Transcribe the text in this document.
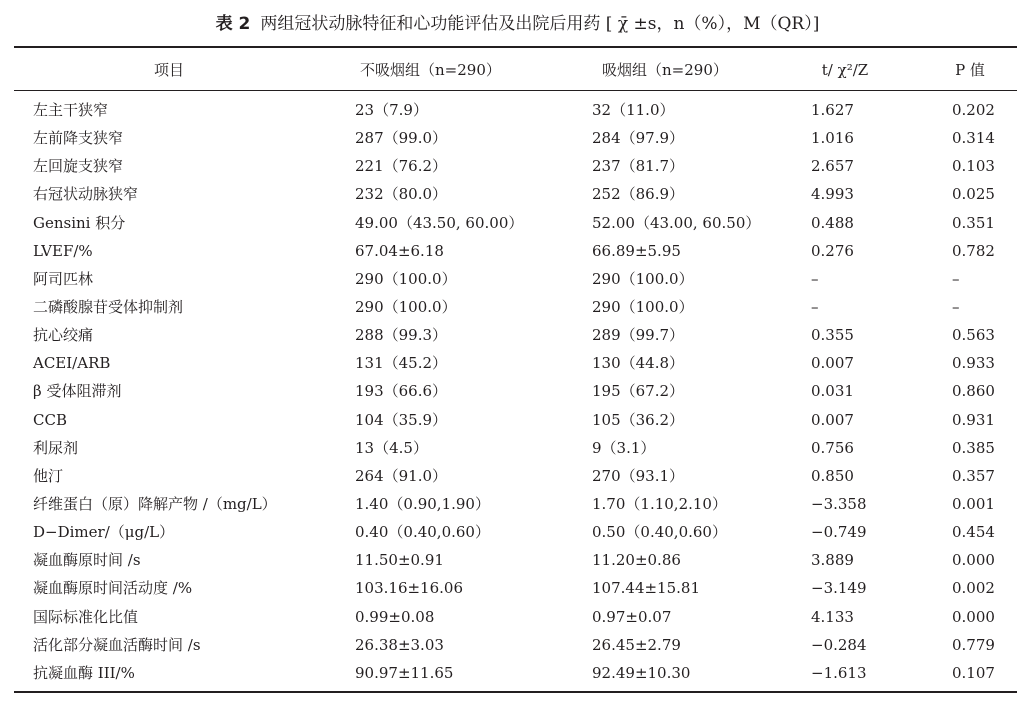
表 2 两组冠状动脉特征和心功能评估及出院后用药 [ χ̄ ±s，n（%），M（QR）]
项目	不吸烟组（n=290）	吸烟组（n=290）	t/ χ²/Z	P 值
左主干狭窄	23（7.9）	32（11.0）	1.627	0.202
左前降支狭窄	287（99.0）	284（97.9）	1.016	0.314
左回旋支狭窄	221（76.2）	237（81.7）	2.657	0.103
右冠状动脉狭窄	232（80.0）	252（86.9）	4.993	0.025
Gensini 积分	49.00（43.50, 60.00）	52.00（43.00, 60.50）	0.488	0.351
LVEF/%	67.04±6.18	66.89±5.95	0.276	0.782
阿司匹林	290（100.0）	290（100.0）	–	–
二磷酸腺苷受体抑制剂	290（100.0）	290（100.0）	–	–
抗心绞痛	288（99.3）	289（99.7）	0.355	0.563
ACEI/ARB	131（45.2）	130（44.8）	0.007	0.933
β 受体阻滞剂	193（66.6）	195（67.2）	0.031	0.860
CCB	104（35.9）	105（36.2）	0.007	0.931
利尿剂	13（4.5）	9（3.1）	0.756	0.385
他汀	264（91.0）	270（93.1）	0.850	0.357
纤维蛋白（原）降解产物 /（mg/L）	1.40（0.90,1.90）	1.70（1.10,2.10）	−3.358	0.001
D−Dimer/（μg/L）	0.40（0.40,0.60）	0.50（0.40,0.60）	−0.749	0.454
凝血酶原时间 /s	11.50±0.91	11.20±0.86	3.889	0.000
凝血酶原时间活动度 /%	103.16±16.06	107.44±15.81	−3.149	0.002
国际标准化比值	0.99±0.08	0.97±0.07	4.133	0.000
活化部分凝血活酶时间 /s	26.38±3.03	26.45±2.79	−0.284	0.779
抗凝血酶 III/%	90.97±11.65	92.49±10.30	−1.613	0.107
